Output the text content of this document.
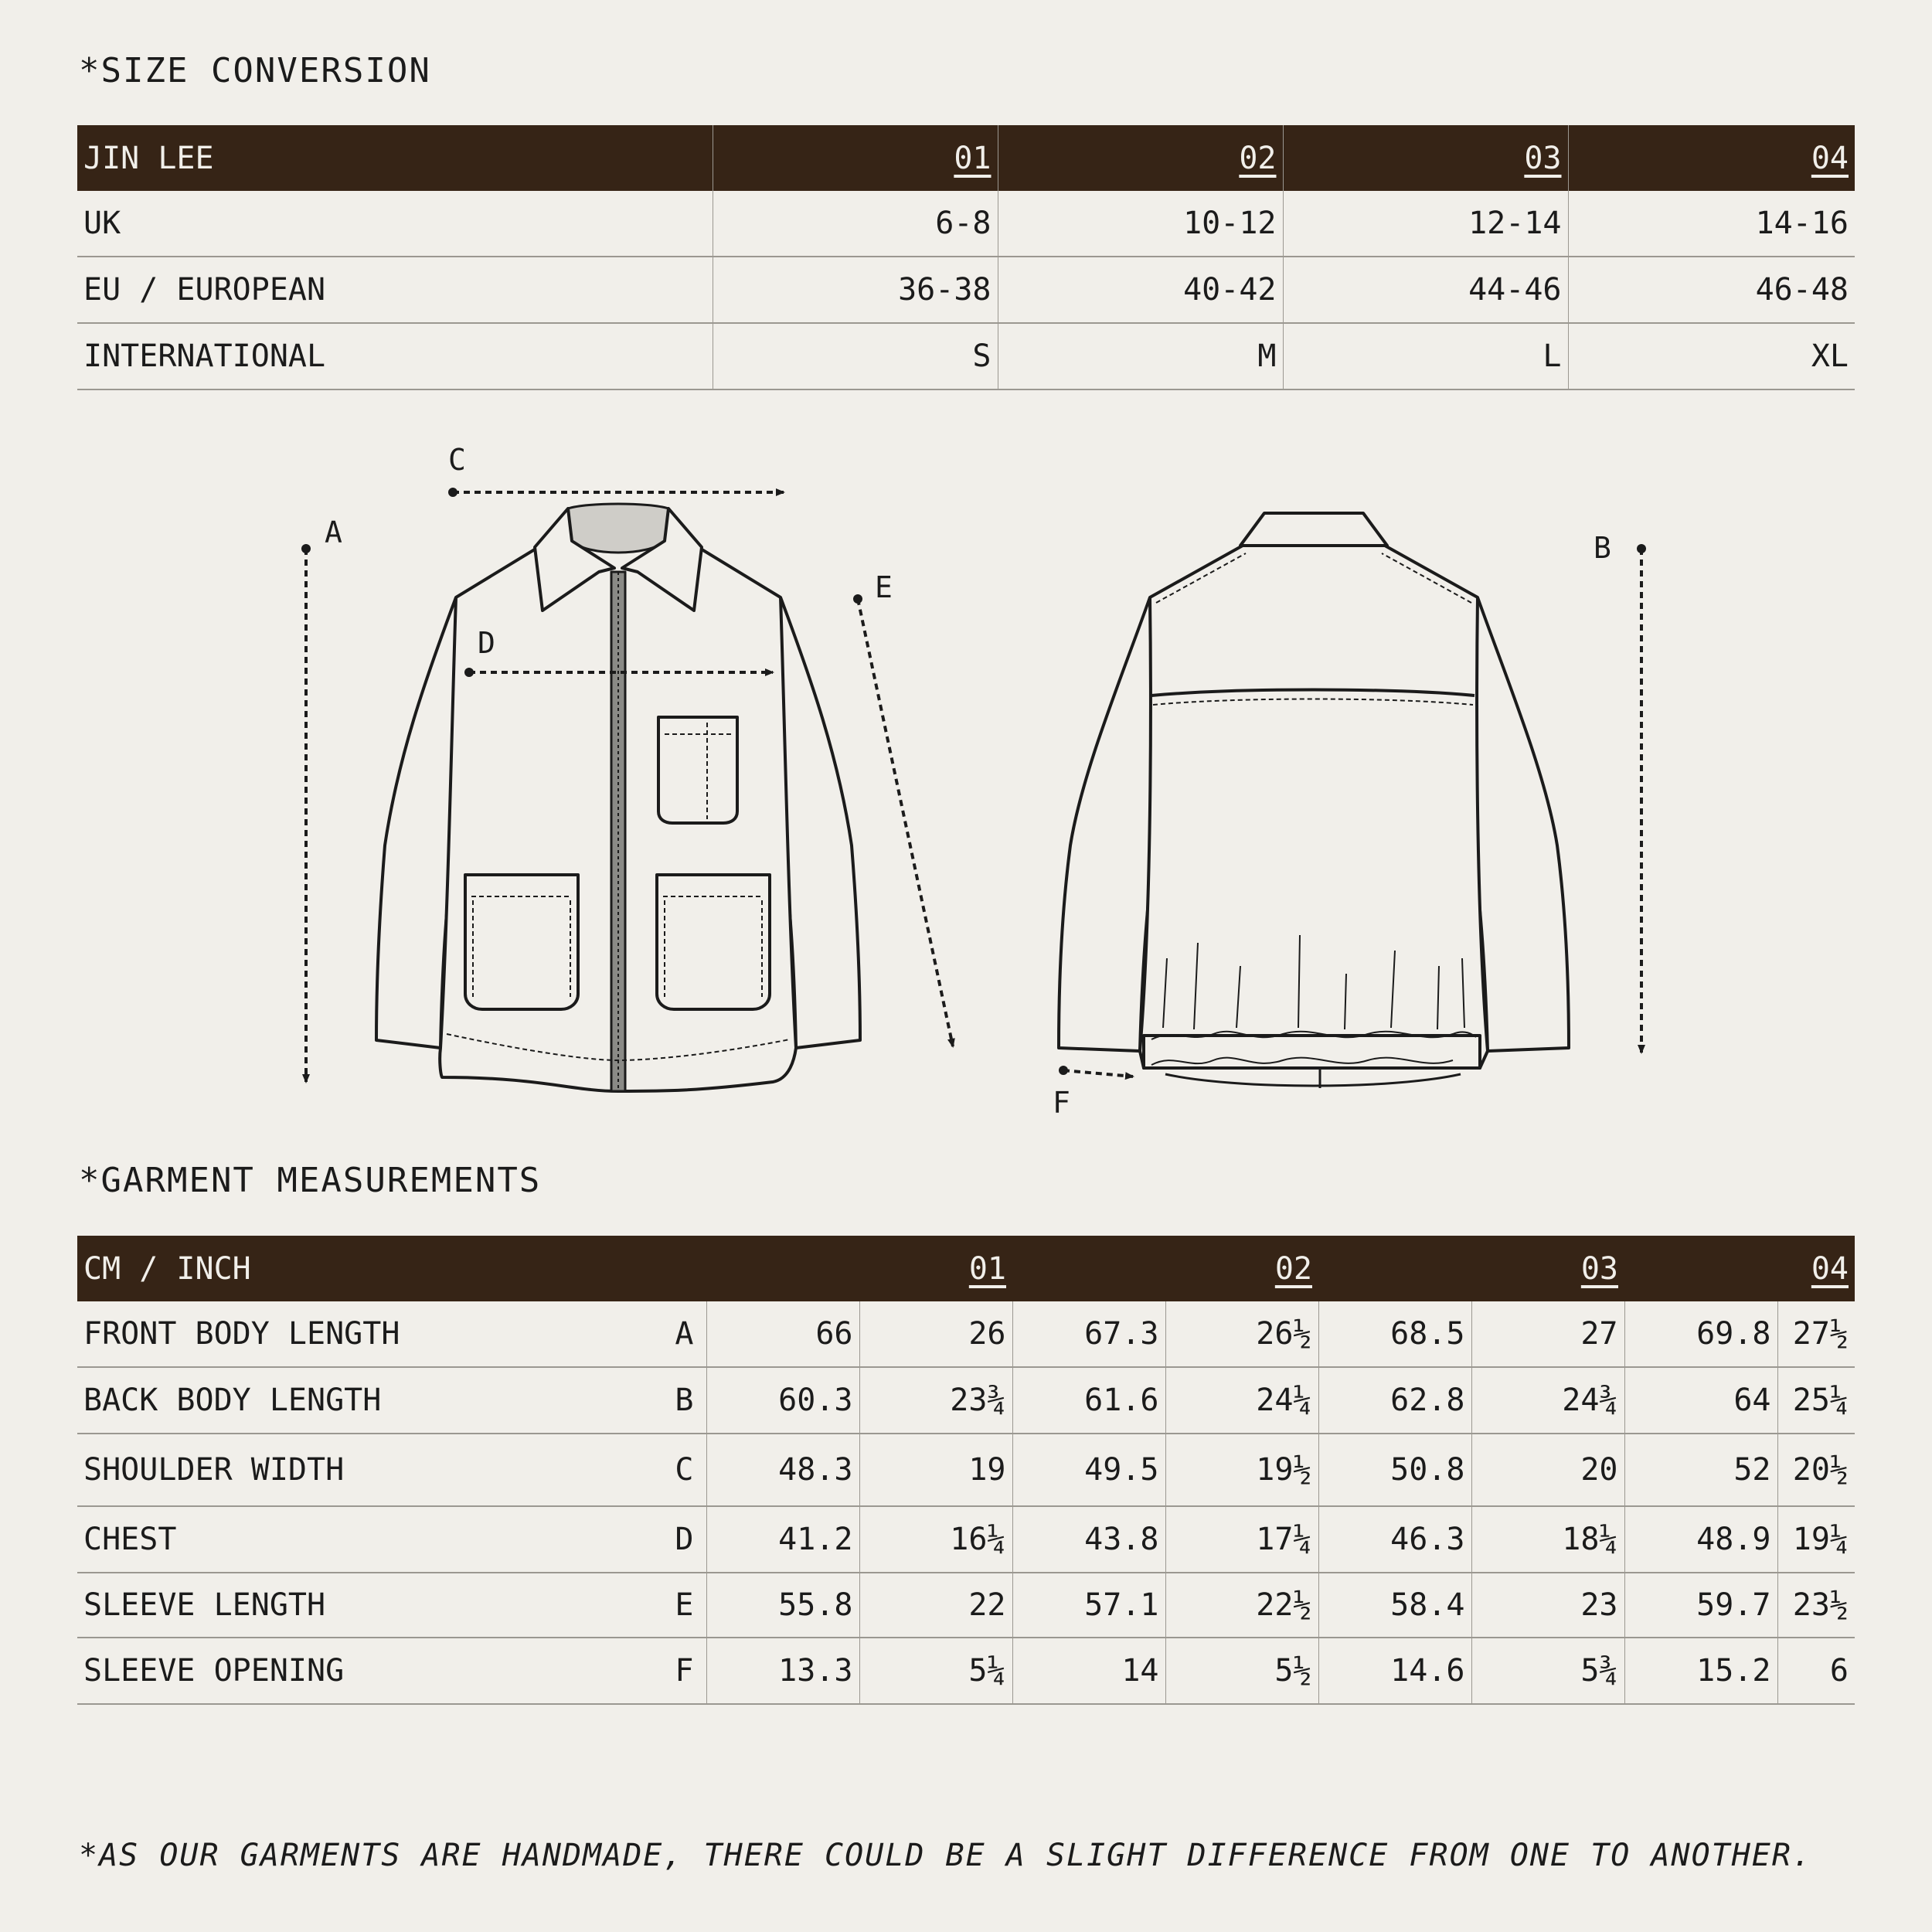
*SIZE CONVERSION
JIN LEE	01	02	03	04
UK	6-8	10-12	12-14	14-16
EU / EUROPEAN	36-38	40-42	44-46	46-48
INTERNATIONAL	S	M	L	XL
A	B
C
D
E
F
*GARMENT MEASUREMENTS
CM / INCH		01		02		03		04	
FRONT BODY LENGTH	A	66	26	67.3	26½	68.5	27	69.8	27½
BACK BODY LENGTH	B	60.3	23¾	61.6	24¼	62.8	24¾	64	25¼
SHOULDER WIDTH	C	48.3	19	49.5	19½	50.8	20	52	20½
CHEST	D	41.2	16¼	43.8	17¼	46.3	18¼	48.9	19¼
SLEEVE LENGTH	E	55.8	22	57.1	22½	58.4	23	59.7	23½
SLEEVE OPENING	F	13.3	5¼	14	5½	14.6	5¾	15.2	6

*AS OUR GARMENTS ARE HANDMADE, THERE COULD BE A SLIGHT DIFFERENCE FROM ONE TO ANOTHER.
